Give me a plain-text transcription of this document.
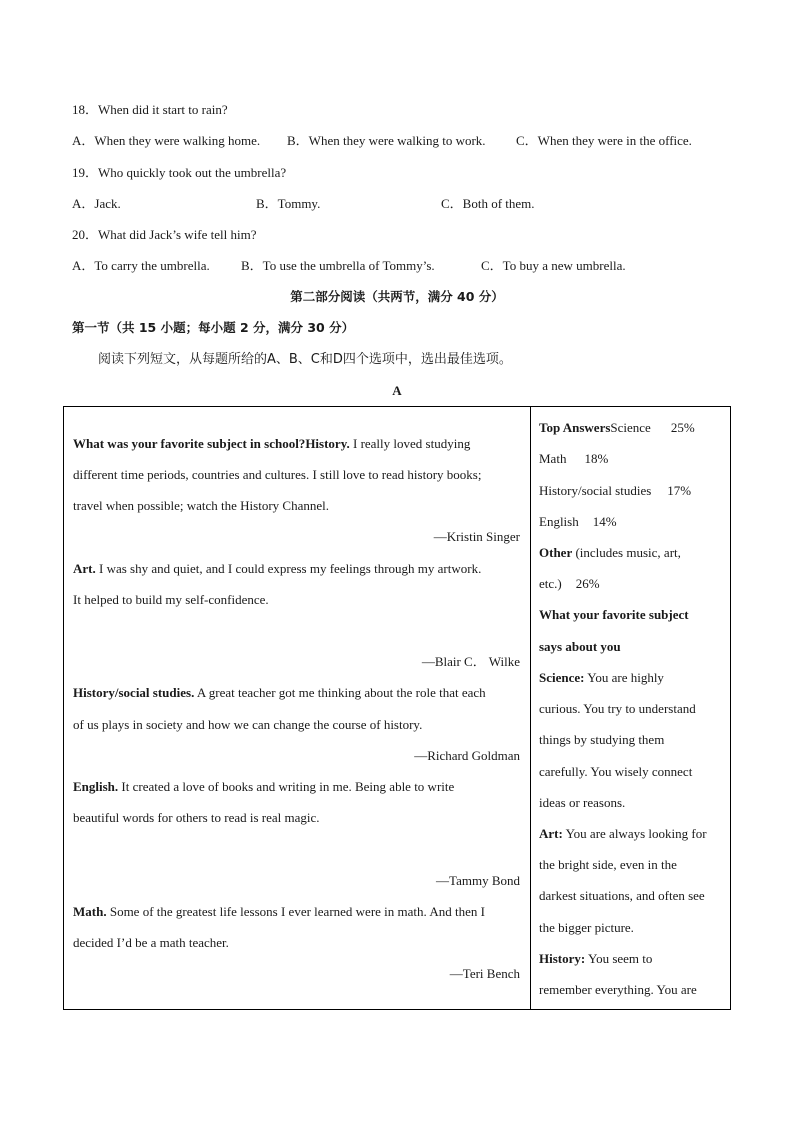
18．When did it start to rain?
A．When they were walking home. B．When they were walking to work. C．When they were in the office.
19．Who quickly took out the umbrella?
A．Jack.	B．Tommy.	C．Both of them.
20．What did Jack’s wife tell him?
A．To carry the umbrella. B．To use the umbrella of Tommy’s.	C．To buy a new umbrella.
第二部分阅读（共两节，满分 40 分）
第一节（共 15 小题；每小题 2 分，满分 30 分）
阅读下列短文，从每题所给的A、B、C和D四个选项中，选出最佳选项。
A
What was your favorite subject in school?History. I really loved studying
different time periods, countries and cultures. I still love to read history books;
travel when possible; watch the History Channel.
—Kristin Singer
Art. I was shy and quiet, and I could express my feelings through my artwork.
It helped to build my self-confidence.
—Blair C． Wilke
History/social studies. A great teacher got me thinking about the role that each
of us plays in society and how we can change the course of history.
—Richard Goldman
English. It created a love of books and writing in me. Being able to write
beautiful words for others to read is real magic.
—Tammy Bond
Math. Some of the greatest life lessons I ever learned were in math. And then I
decided I’d be a math teacher.
—Teri Bench

Top AnswersScience 25%
Math 18%
History/social studies 17%
English 14%
Other (includes music, art,
etc.) 26%
What your favorite subject
says about you
Science: You are highly
curious. You try to understand
things by studying them
carefully. You wisely connect
ideas or reasons.
Art: You are always looking for
the bright side, even in the
darkest situations, and often see
the bigger picture.
History: You seem to
remember everything. You are
